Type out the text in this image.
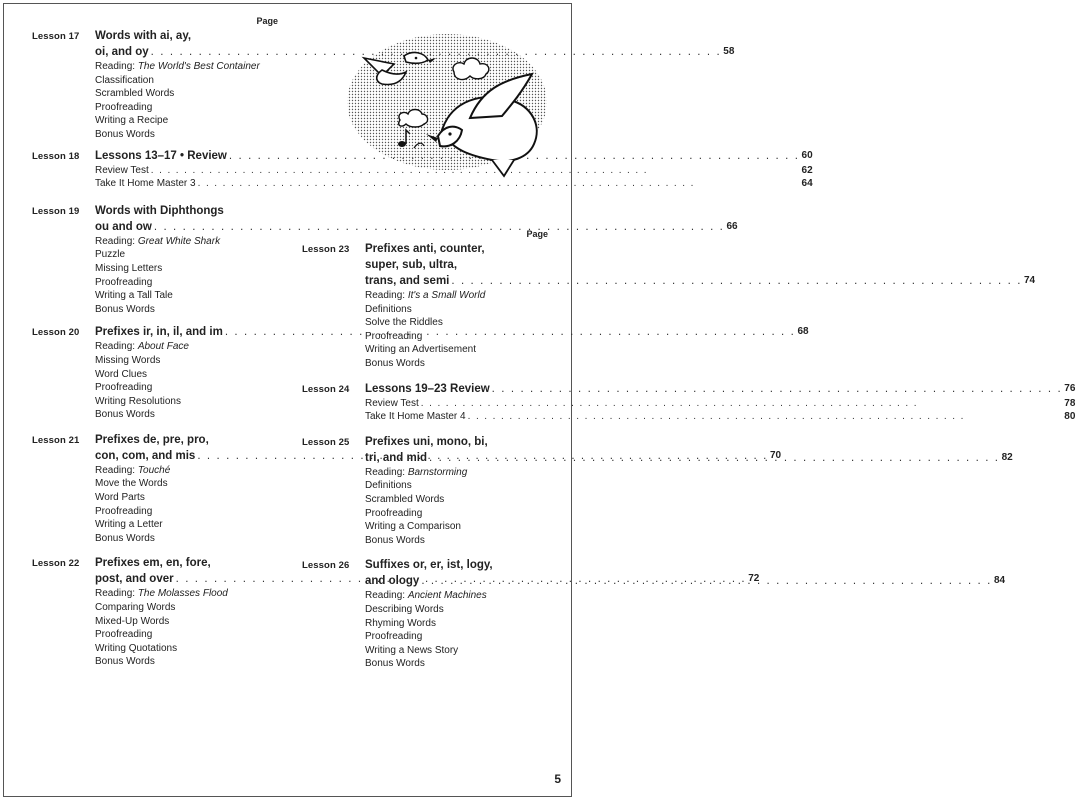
Page
Lesson 17	Words with ai, ay,
oi, and oy . . .	58
Reading: The World's Best Container
Classification
Scrambled Words
Proofreading
Writing a Recipe
Bonus Words
Lesson 18	Lessons 13–17 • Review . . .	60
Review Test . . .	62
Take It Home Master 3 . . .	64
Lesson 19	Words with Diphthongs
ou and ow . . .	66
Reading: Great White Shark
Puzzle
Missing Letters
Proofreading
Writing a Tall Tale
Bonus Words
Lesson 20	Prefixes ir, in, il, and im . . .	68
Reading: About Face
Missing Words
Word Clues
Proofreading
Writing Resolutions
Bonus Words
Lesson 21	Prefixes de, pre, pro,
con, com, and mis . . .	70
Reading: Touché
Move the Words
Word Parts
Proofreading
Writing a Letter
Bonus Words
Lesson 22	Prefixes em, en, fore,
post, and over . . .	72
Reading: The Molasses Flood
Comparing Words
Mixed-Up Words
Proofreading
Writing Quotations
Bonus Words
Page
Lesson 23	Prefixes anti, counter,
super, sub, ultra,
trans, and semi . . .	74
Reading: It's a Small World
Definitions
Solve the Riddles
Proofreading
Writing an Advertisement
Bonus Words
Lesson 24	Lessons 19–23 Review . . .	76
Review Test . . .	78
Take It Home Master 4 . . .	80
Lesson 25	Prefixes uni, mono, bi,
tri, and mid . . .	82
Reading: Barnstorming
Definitions
Scrambled Words
Proofreading
Writing a Comparison
Bonus Words
Lesson 26	Suffixes or, er, ist, logy,
and ology . . .	84
Reading: Ancient Machines
Describing Words
Rhyming Words
Proofreading
Writing a News Story
Bonus Words
5
